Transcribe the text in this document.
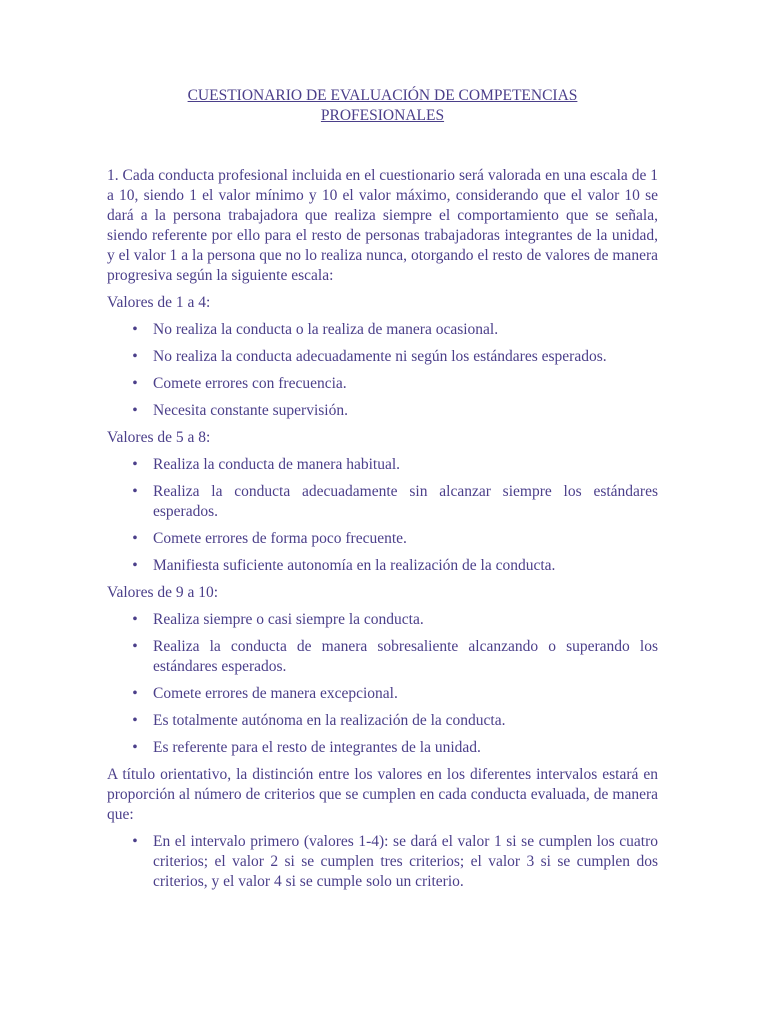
CUESTIONARIO DE EVALUACIÓN DE COMPETENCIAS
PROFESIONALES

1. Cada conducta profesional incluida en el cuestionario será valorada en una escala de 1 a 10, siendo 1 el valor mínimo y 10 el valor máximo, considerando que el valor 10 se dará a la persona trabajadora que realiza siempre el comportamiento que se señala, siendo referente por ello para el resto de personas trabajadoras integrantes de la unidad, y el valor 1 a la persona que no lo realiza nunca, otorgando el resto de valores de manera progresiva según la siguiente escala:

Valores de 1 a 4:

• No realiza la conducta o la realiza de manera ocasional.
• No realiza la conducta adecuadamente ni según los estándares esperados.
• Comete errores con frecuencia.
• Necesita constante supervisión.

Valores de 5 a 8:

• Realiza la conducta de manera habitual.
• Realiza la conducta adecuadamente sin alcanzar siempre los estándares esperados.
• Comete errores de forma poco frecuente.
• Manifiesta suficiente autonomía en la realización de la conducta.

Valores de 9 a 10:

• Realiza siempre o casi siempre la conducta.
• Realiza la conducta de manera sobresaliente alcanzando o superando los estándares esperados.
• Comete errores de manera excepcional.
• Es totalmente autónoma en la realización de la conducta.
• Es referente para el resto de integrantes de la unidad.

A título orientativo, la distinción entre los valores en los diferentes intervalos estará en proporción al número de criterios que se cumplen en cada conducta evaluada, de manera que:

• En el intervalo primero (valores 1-4): se dará el valor 1 si se cumplen los cuatro criterios; el valor 2 si se cumplen tres criterios; el valor 3 si se cumplen dos criterios, y el valor 4 si se cumple solo un criterio.
